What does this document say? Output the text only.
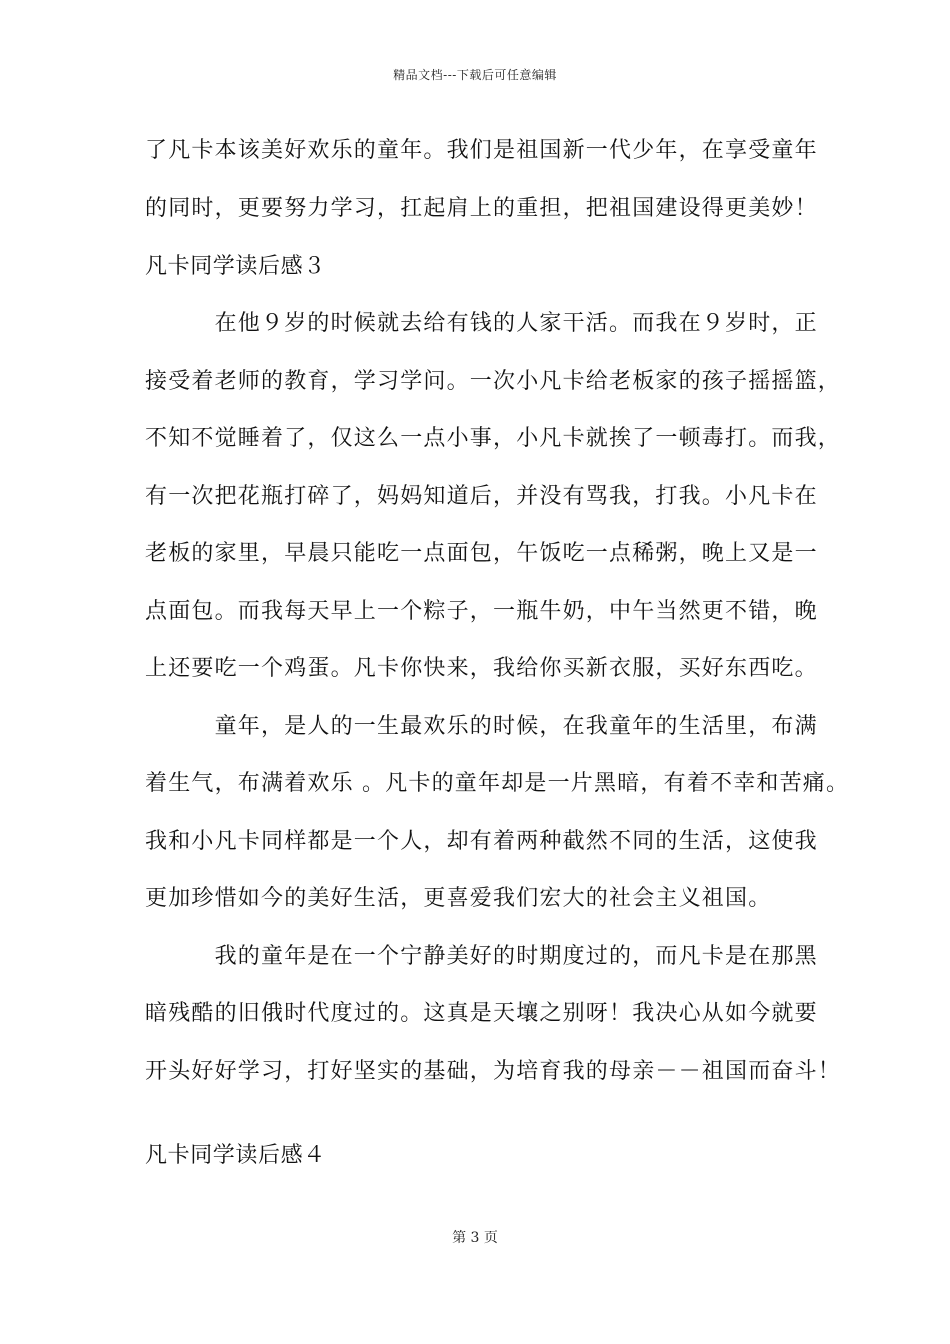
精品文档---下载后可任意编辑
了凡卡本该美好欢乐的童年。我们是祖国新一代少年，在享受童年
的同时，更要努力学习，扛起肩上的重担，把祖国建设得更美妙！
凡卡同学读后感３
　　　在他９岁的时候就去给有钱的人家干活。而我在９岁时，正
接受着老师的教育，学习学问。一次小凡卡给老板家的孩子摇摇篮，
不知不觉睡着了，仅这么一点小事，小凡卡就挨了一顿毒打。而我，
有一次把花瓶打碎了，妈妈知道后，并没有骂我，打我。小凡卡在
老板的家里，早晨只能吃一点面包，午饭吃一点稀粥，晚上又是一
点面包。而我每天早上一个粽子，一瓶牛奶，中午当然更不错，晚
上还要吃一个鸡蛋。凡卡你快来，我给你买新衣服，买好东西吃。
　　　童年，是人的一生最欢乐的时候，在我童年的生活里，布满
着生气，布满着欢乐 。凡卡的童年却是一片黑暗，有着不幸和苦痛。
我和小凡卡同样都是一个人，却有着两种截然不同的生活，这使我
更加珍惜如今的美好生活，更喜爱我们宏大的社会主义祖国。
　　　我的童年是在一个宁静美好的时期度过的，而凡卡是在那黑
暗残酷的旧俄时代度过的。这真是天壤之别呀！我决心从如今就要
开头好好学习，打好坚实的基础，为培育我的母亲－－祖国而奋斗！
凡卡同学读后感４
第 3 页
